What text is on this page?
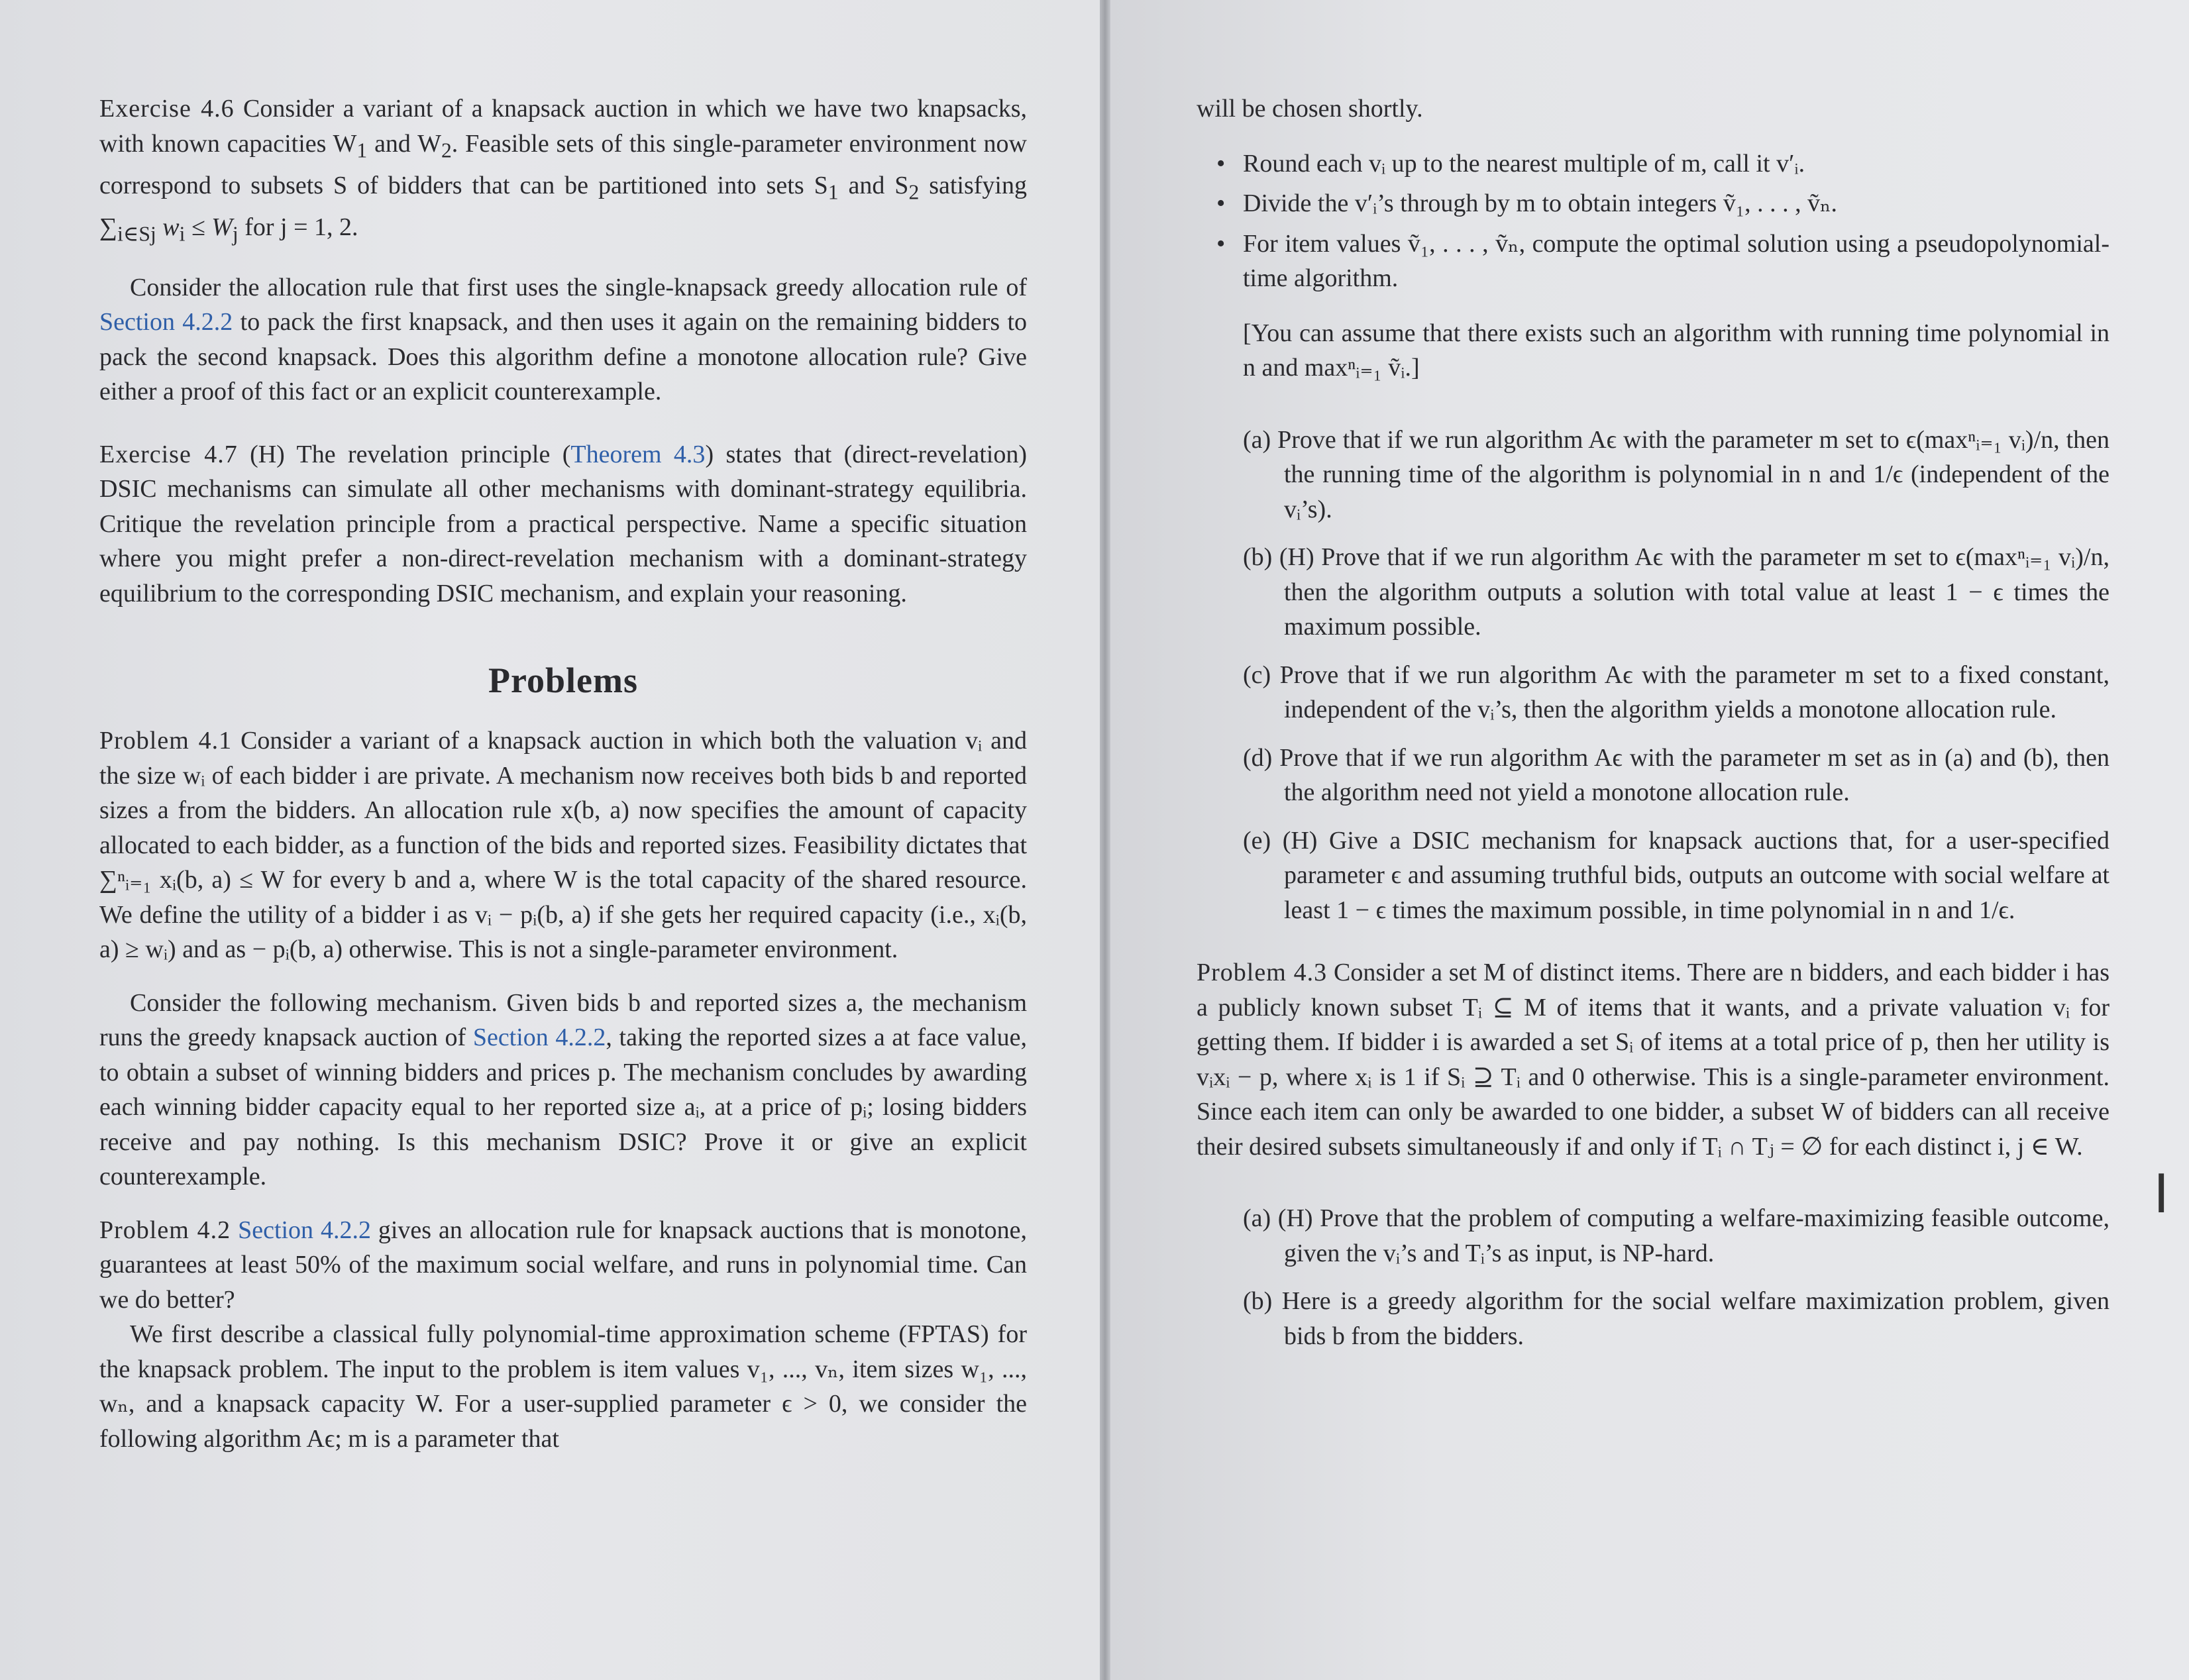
Exercise 4.6 Consider a variant of a knapsack auction in which we have two knapsacks, with known capacities $W_1$ and $W_2$. Feasible sets of this single-parameter environment now correspond to subsets S of bidders that can be partitioned into sets $S_1$ and $S_2$ satisfying $\sum_{i\in Sj}$ $w_i \le W_j$ for j = 1, 2.

Consider the allocation rule that first uses the single-knapsack greedy allocation rule of Section 4.2.2 to pack the first knapsack, and then uses it again on the remaining bidders to pack the second knapsack. Does this algorithm define a monotone allocation rule? Give either a proof of this fact or an explicit counterexample.

Exercise 4.7 (H) The revelation principle (Theorem 4.3) states that (direct-revelation) DSIC mechanisms can simulate all other mechanisms with dominant-strategy equilibria. Critique the revelation principle from a practical perspective. Name a specific situation where you might prefer a non-direct-revelation mechanism with a dominant-strategy equilibrium to the corresponding DSIC mechanism, and explain your reasoning.

Problems

Problem 4.1 Consider a variant of a knapsack auction in which both the valuation vᵢ and the size wᵢ of each bidder i are private. A mechanism now receives both bids b and reported sizes a from the bidders. An allocation rule x(b, a) now specifies the amount of capacity allocated to each bidder, as a function of the bids and reported sizes. Feasibility dictates that ∑ⁿᵢ₌₁ xᵢ(b, a) ≤ W for every b and a, where W is the total capacity of the shared resource. We define the utility of a bidder i as vᵢ − pᵢ(b, a) if she gets her required capacity (i.e., xᵢ(b, a) ≥ wᵢ) and as − pᵢ(b, a) otherwise. This is not a single-parameter environment.

Consider the following mechanism. Given bids b and reported sizes a, the mechanism runs the greedy knapsack auction of Section 4.2.2, taking the reported sizes a at face value, to obtain a subset of winning bidders and prices p. The mechanism concludes by awarding each winning bidder capacity equal to her reported size aᵢ, at a price of pᵢ; losing bidders receive and pay nothing. Is this mechanism DSIC? Prove it or give an explicit counterexample.

Problem 4.2 Section 4.2.2 gives an allocation rule for knapsack auctions that is monotone, guarantees at least 50% of the maximum social welfare, and runs in polynomial time. Can we do better?

We first describe a classical fully polynomial-time approximation scheme (FPTAS) for the knapsack problem. The input to the problem is item values v₁, ..., vₙ, item sizes w₁, ..., wₙ, and a knapsack capacity W. For a user-supplied parameter ϵ > 0, we consider the following algorithm Aϵ; m is a parameter that

will be chosen shortly.

• Round each vᵢ up to the nearest multiple of m, call it v′ᵢ.
• Divide the v′ᵢ’s through by m to obtain integers ṽ₁, . . . , ṽₙ.
• For item values ṽ₁, . . . , ṽₙ, compute the optimal solution using a pseudopolynomial-time algorithm.

[You can assume that there exists such an algorithm with running time polynomial in n and maxⁿᵢ₌₁ ṽᵢ.]

(a) Prove that if we run algorithm Aϵ with the parameter m set to ϵ(maxⁿᵢ₌₁ vᵢ)/n, then the running time of the algorithm is polynomial in n and 1/ϵ (independent of the vᵢ’s).

(b) (H) Prove that if we run algorithm Aϵ with the parameter m set to ϵ(maxⁿᵢ₌₁ vᵢ)/n, then the algorithm outputs a solution with total value at least 1 − ϵ times the maximum possible.

(c) Prove that if we run algorithm Aϵ with the parameter m set to a fixed constant, independent of the vᵢ’s, then the algorithm yields a monotone allocation rule.

(d) Prove that if we run algorithm Aϵ with the parameter m set as in (a) and (b), then the algorithm need not yield a monotone allocation rule.

(e) (H) Give a DSIC mechanism for knapsack auctions that, for a user-specified parameter ϵ and assuming truthful bids, outputs an outcome with social welfare at least 1 − ϵ times the maximum possible, in time polynomial in n and 1/ϵ.

Problem 4.3 Consider a set M of distinct items. There are n bidders, and each bidder i has a publicly known subset Tᵢ ⊆ M of items that it wants, and a private valuation vᵢ for getting them. If bidder i is awarded a set Sᵢ of items at a total price of p, then her utility is vᵢxᵢ − p, where xᵢ is 1 if Sᵢ ⊇ Tᵢ and 0 otherwise. This is a single-parameter environment. Since each item can only be awarded to one bidder, a subset W of bidders can all receive their desired subsets simultaneously if and only if Tᵢ ∩ Tⱼ = ∅ for each distinct i, j ∈ W.

(a) (H) Prove that the problem of computing a welfare-maximizing feasible outcome, given the vᵢ’s and Tᵢ’s as input, is NP-hard.

(b) Here is a greedy algorithm for the social welfare maximization problem, given bids b from the bidders.

I
